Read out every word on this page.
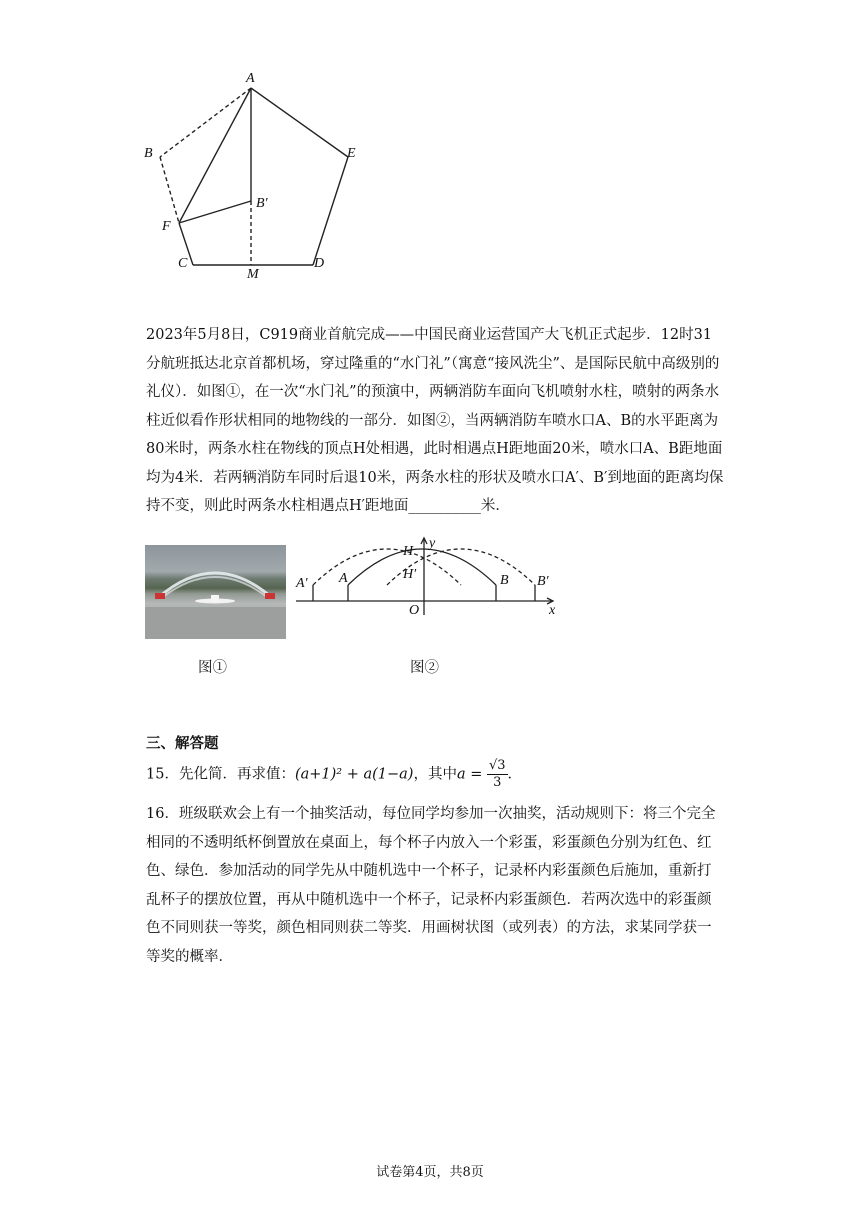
A
B	E
B′
F
C
M
D
2023年5月8日，C919商业首航完成——中国民商业运营国产大飞机正式起步．12时31分航班抵达北京首都机场，穿过隆重的“水门礼”（寓意“接风洗尘”、是国际民航中高级别的礼仪）．如图①，在一次“水门礼”的预演中，两辆消防车面向飞机喷射水柱，喷射的两条水柱近似看作形状相同的地物线的一部分．如图②，当两辆消防车喷水口A、B的水平距离为80米时，两条水柱在物线的顶点H处相遇，此时相遇点H距地面20米，喷水口A、B距地面均为4米．若两辆消防车同时后退10米，两条水柱的形状及喷水口A′、B′到地面的距离均保持不变，则此时两条水柱相遇点H′距地面__________米．
H
y
H′
A′ A	B B′
O	x
图①	图②
三、解答题
15．先化简．再求值：(a+1)² + a(1−a)，其中$a = \frac{√3}{3}$ ．
16．班级联欢会上有一个抽奖活动，每位同学均参加一次抽奖，活动规则下：将三个完全相同的不透明纸杯倒置放在桌面上，每个杯子内放入一个彩蛋，彩蛋颜色分别为红色、红色、绿色．参加活动的同学先从中随机选中一个杯子，记录杯内彩蛋颜色后施加，重新打乱杯子的摆放位置，再从中随机选中一个杯子，记录杯内彩蛋颜色．若两次选中的彩蛋颜色不同则获一等奖，颜色相同则获二等奖．用画树状图（或列表）的方法，求某同学获一等奖的概率．
试卷第4页，共8页
